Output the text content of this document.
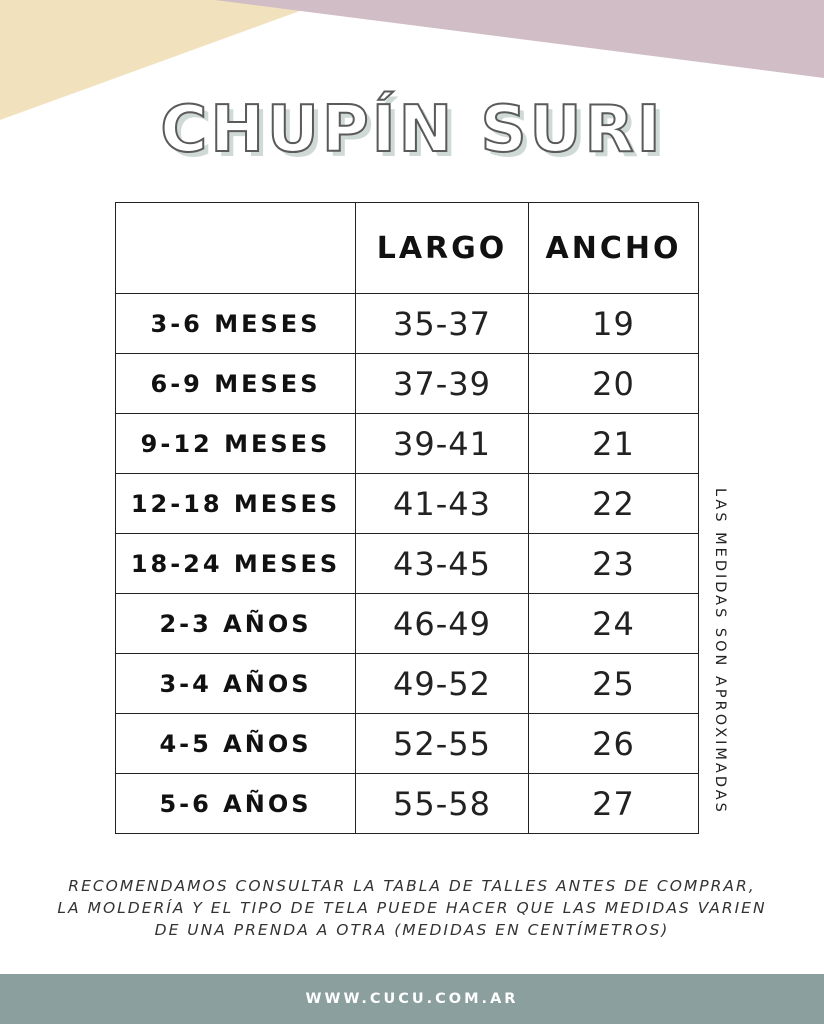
CHUPÍN SURI
	LARGO	ANCHO
3-6 MESES	35-37	19
6-9 MESES	37-39	20
9-12 MESES	39-41	21
12-18 MESES	41-43	22
18-24 MESES	43-45	23
2-3 AÑOS	46-49	24
3-4 AÑOS	49-52	25
4-5 AÑOS	52-55	26
5-6 AÑOS	55-58	27	LAS MEDIDAS SON APROXIMADAS
RECOMENDAMOS CONSULTAR LA TABLA DE TALLES ANTES DE COMPRAR,
LA MOLDERÍA Y EL TIPO DE TELA PUEDE HACER QUE LAS MEDIDAS VARIEN
DE UNA PRENDA A OTRA (MEDIDAS EN CENTÍMETROS)
WWW.CUCU.COM.AR
